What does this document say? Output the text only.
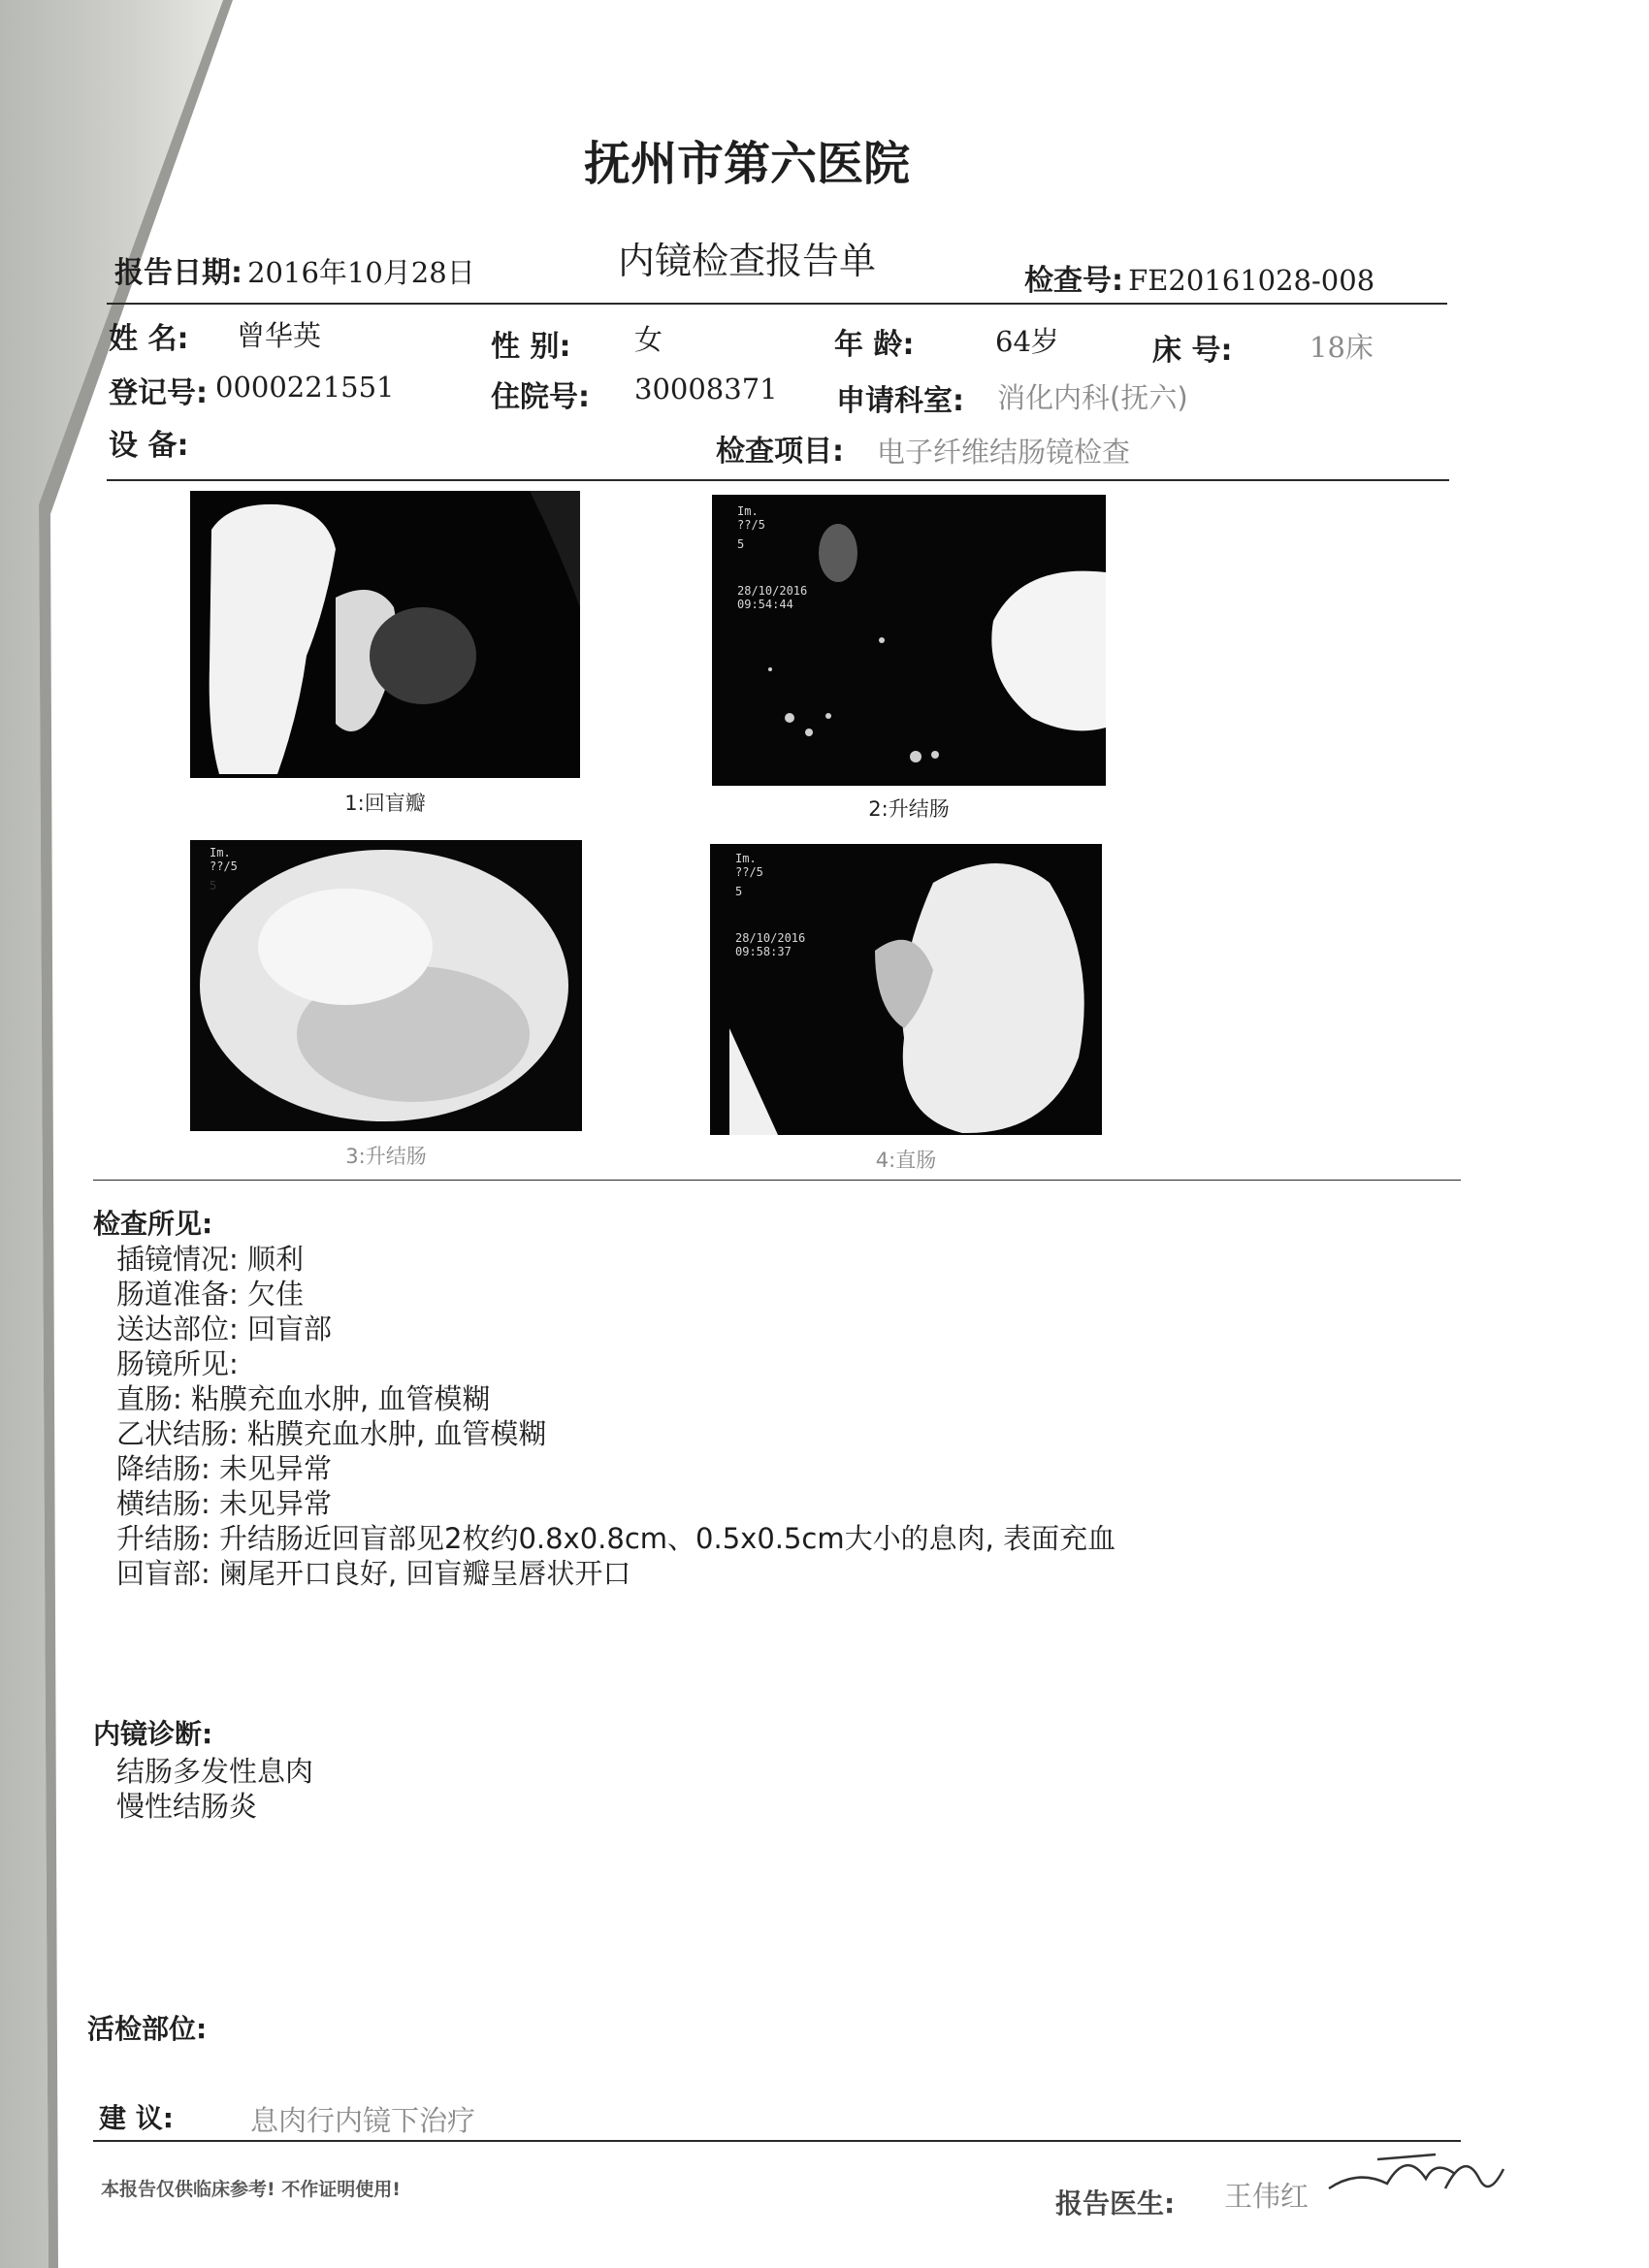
抚州市第六医院
内镜检查报告单
报告日期: 2016年10月28日	检查号: FE20161028-008
姓 名: 曾华英	性 别: 女	年 龄:	64岁	床 号:	18床
登记号: 0000221551	住院号: 30008371 申请科室: 消化内科(抚六)
设 备:	检查项目: 电子纤维结肠镜检查
1:回盲瓣
Im.
??/5
5
28/10/2016
09:54:44
2:升结肠
Im.
??/5
5
3:升结肠
Im.
??/5
5
28/10/2016
09:58:37
4:直肠
检查所见:
插镜情况: 顺利
肠道准备: 欠佳
送达部位: 回盲部
肠镜所见:
直肠: 粘膜充血水肿, 血管模糊
乙状结肠: 粘膜充血水肿, 血管模糊
降结肠: 未见异常
横结肠: 未见异常
升结肠: 升结肠近回盲部见2枚约0.8x0.8cm、0.5x0.5cm大小的息肉, 表面充血
回盲部: 阑尾开口良好, 回盲瓣呈唇状开口
内镜诊断:
结肠多发性息肉
慢性结肠炎
活检部位:
建 议:	息肉行内镜下治疗
本报告仅供临床参考! 不作证明使用!	报告医生: 王伟红
